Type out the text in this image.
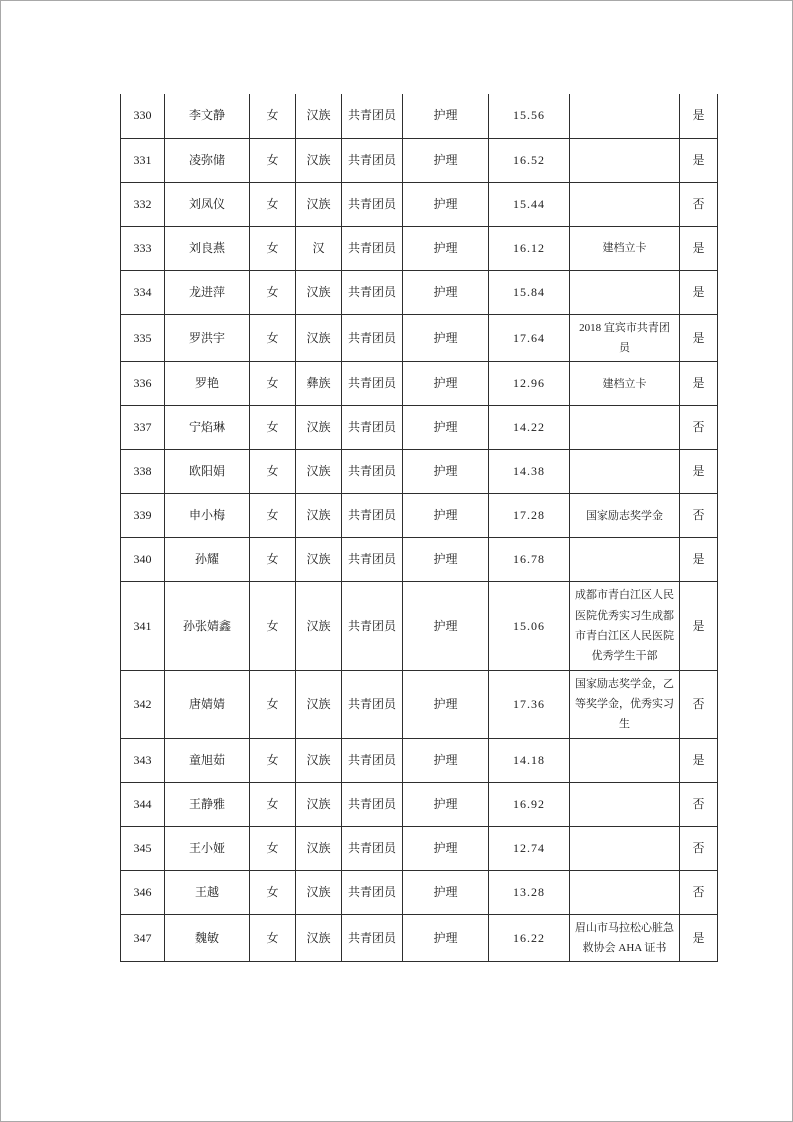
330	李文静	女	汉族	共青团员	护理	15.56		是
331	凌弥储	女	汉族	共青团员	护理	16.52		是
332	刘凤仪	女	汉族	共青团员	护理	15.44		否
333	刘良燕	女	汉	共青团员	护理	16.12	建档立卡	是
334	龙进萍	女	汉族	共青团员	护理	15.84		是
335	罗洪宇	女	汉族	共青团员	护理	17.64	2018 宜宾市共青团员	是
336	罗艳	女	彝族	共青团员	护理	12.96	建档立卡	是
337	宁焰琳	女	汉族	共青团员	护理	14.22		否
338	欧阳娟	女	汉族	共青团员	护理	14.38		是
339	申小梅	女	汉族	共青团员	护理	17.28	国家励志奖学金	否
340	孙耀	女	汉族	共青团员	护理	16.78		是
341	孙张婧鑫	女	汉族	共青团员	护理	15.06	成都市青白江区人民医院优秀实习生成都市青白江区人民医院优秀学生干部	是
342	唐婧婧	女	汉族	共青团员	护理	17.36	国家励志奖学金，乙等奖学金，优秀实习生	否
343	童旭茹	女	汉族	共青团员	护理	14.18		是
344	王静雅	女	汉族	共青团员	护理	16.92		否
345	王小娅	女	汉族	共青团员	护理	12.74		否
346	王越	女	汉族	共青团员	护理	13.28		否
347	魏敏	女	汉族	共青团员	护理	16.22	眉山市马拉松心脏急救协会 AHA 证书	是
